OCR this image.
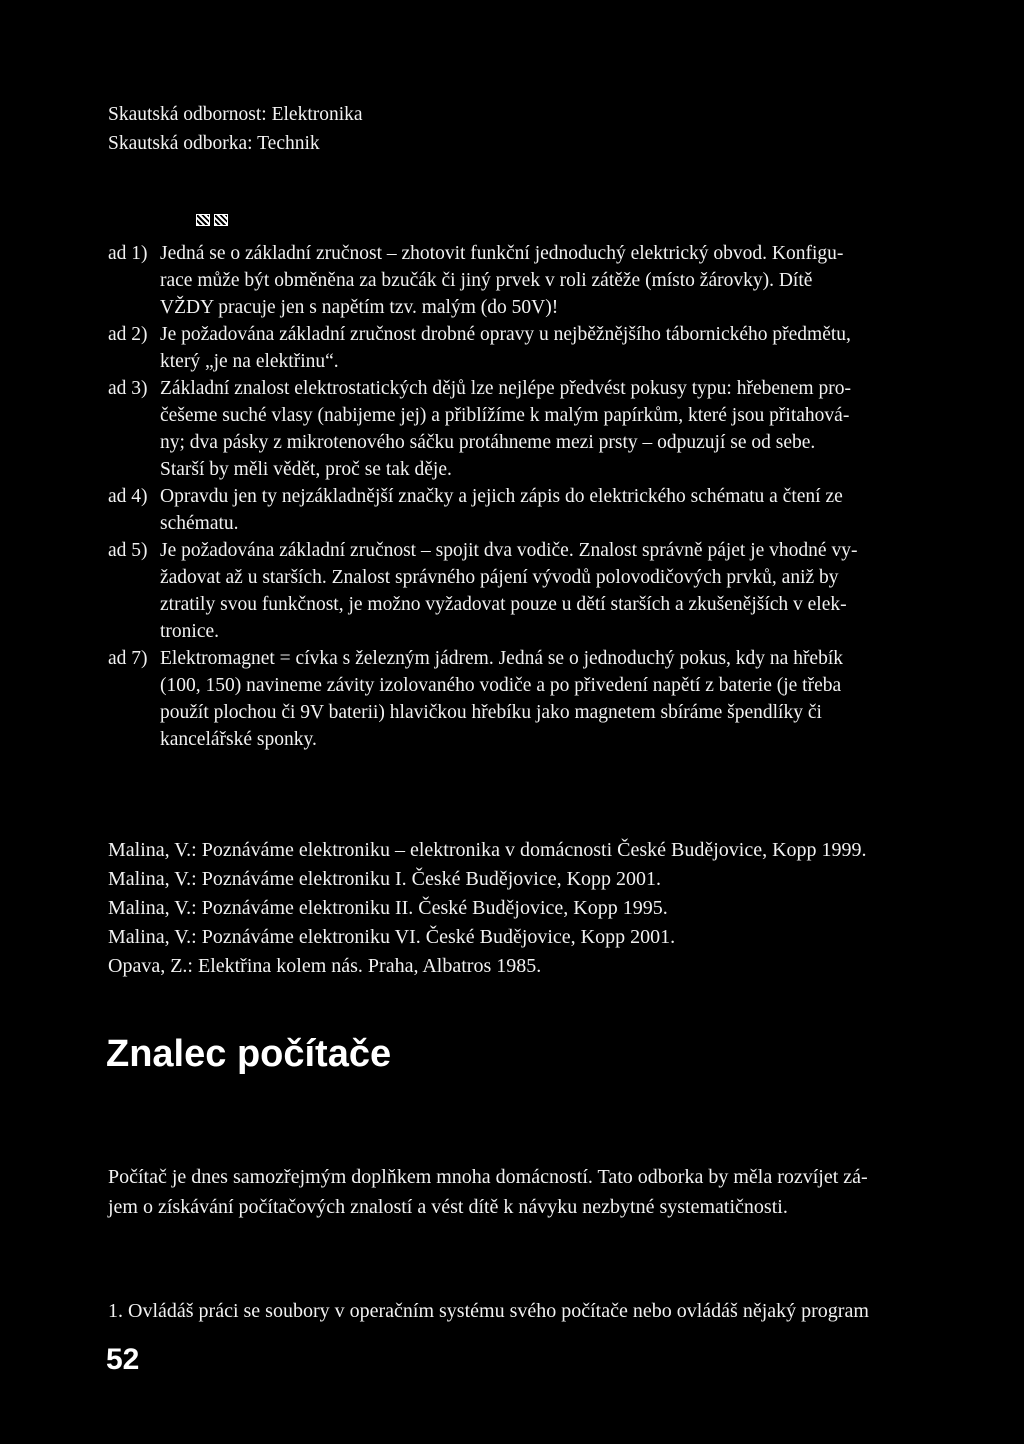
Skautská odbornost: Elektronika
Skautská odborka: Technik
ad 1) Jedná se o základní zručnost – zhotovit funkční jednoduchý elektrický obvod. Konfigu-
race může být obměněna za bzučák či jiný prvek v roli zátěže (místo žárovky). Dítě
VŽDY pracuje jen s napětím tzv. malým (do 50V)!
ad 2) Je požadována základní zručnost drobné opravy u nejběžnějšího tábornického předmětu,
který „je na elektřinu“.
ad 3) Základní znalost elektrostatických dějů lze nejlépe předvést pokusy typu: hřebenem pro-
češeme suché vlasy (nabijeme jej) a přiblížíme k malým papírkům, které jsou přitahová-
ny; dva pásky z mikrotenového sáčku protáhneme mezi prsty – odpuzují se od sebe.
Starší by měli vědět, proč se tak děje.
ad 4) Opravdu jen ty nejzákladnější značky a jejich zápis do elektrického schématu a čtení ze
schématu.
ad 5) Je požadována základní zručnost – spojit dva vodiče. Znalost správně pájet je vhodné vy-
žadovat až u starších. Znalost správného pájení vývodů polovodičových prvků, aniž by
ztratily svou funkčnost, je možno vyžadovat pouze u dětí starších a zkušenějších v elek-
tronice.
ad 7) Elektromagnet = cívka s železným jádrem. Jedná se o jednoduchý pokus, kdy na hřebík
(100, 150) navineme závity izolovaného vodiče a po přivedení napětí z baterie (je třeba
použít plochou či 9V baterii) hlavičkou hřebíku jako magnetem sbíráme špendlíky či
kancelářské sponky.
Malina, V.: Poznáváme elektroniku – elektronika v domácnosti České Budějovice, Kopp 1999.
Malina, V.: Poznáváme elektroniku I. České Budějovice, Kopp 2001.
Malina, V.: Poznáváme elektroniku II. České Budějovice, Kopp 1995.
Malina, V.: Poznáváme elektroniku VI. České Budějovice, Kopp 2001.
Opava, Z.: Elektřina kolem nás. Praha, Albatros 1985.
Znalec počítače
Počítač je dnes samozřejmým doplňkem mnoha domácností. Tato odborka by měla rozvíjet zá-
jem o získávání počítačových znalostí a vést dítě k návyku nezbytné systematičnosti.
1. Ovládáš práci se soubory v operačním systému svého počítače nebo ovládáš nějaký program
52
